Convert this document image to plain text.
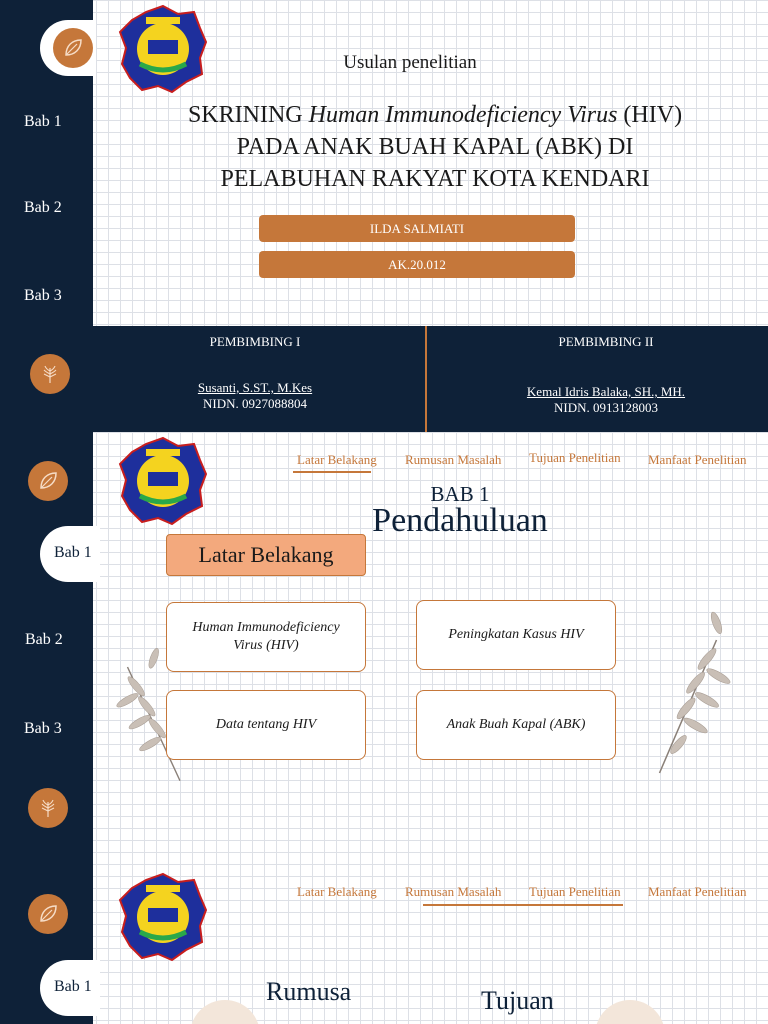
Bab 1
Bab 2
Bab 3
Usulan penelitian
SKRINING Human Immunodeficiency Virus (HIV)
PADA ANAK BUAH KAPAL (ABK) DI
PELABUHAN RAKYAT KOTA KENDARI
ILDA SALMIATI
AK.20.012
PEMBIMBING I
Susanti, S.ST., M.Kes
NIDN. 0927088804
PEMBIMBING II
Kemal Idris Balaka, SH., MH.
NIDN. 0913128003
Bab 2
Bab 3
Bab 1
Latar Belakang Rumusan Masalah Tujuan Penelitian Manfaat Penelitian
BAB 1
Pendahuluan
Latar Belakang
Human Immunodeficiency Virus (HIV)
Peningkatan Kasus HIV
Data tentang HIV	Anak Buah Kapal (ABK)
Bab 1
Latar Belakang Rumusan Masalah Tujuan Penelitian Manfaat Penelitian
Rumusa	Tujuan
